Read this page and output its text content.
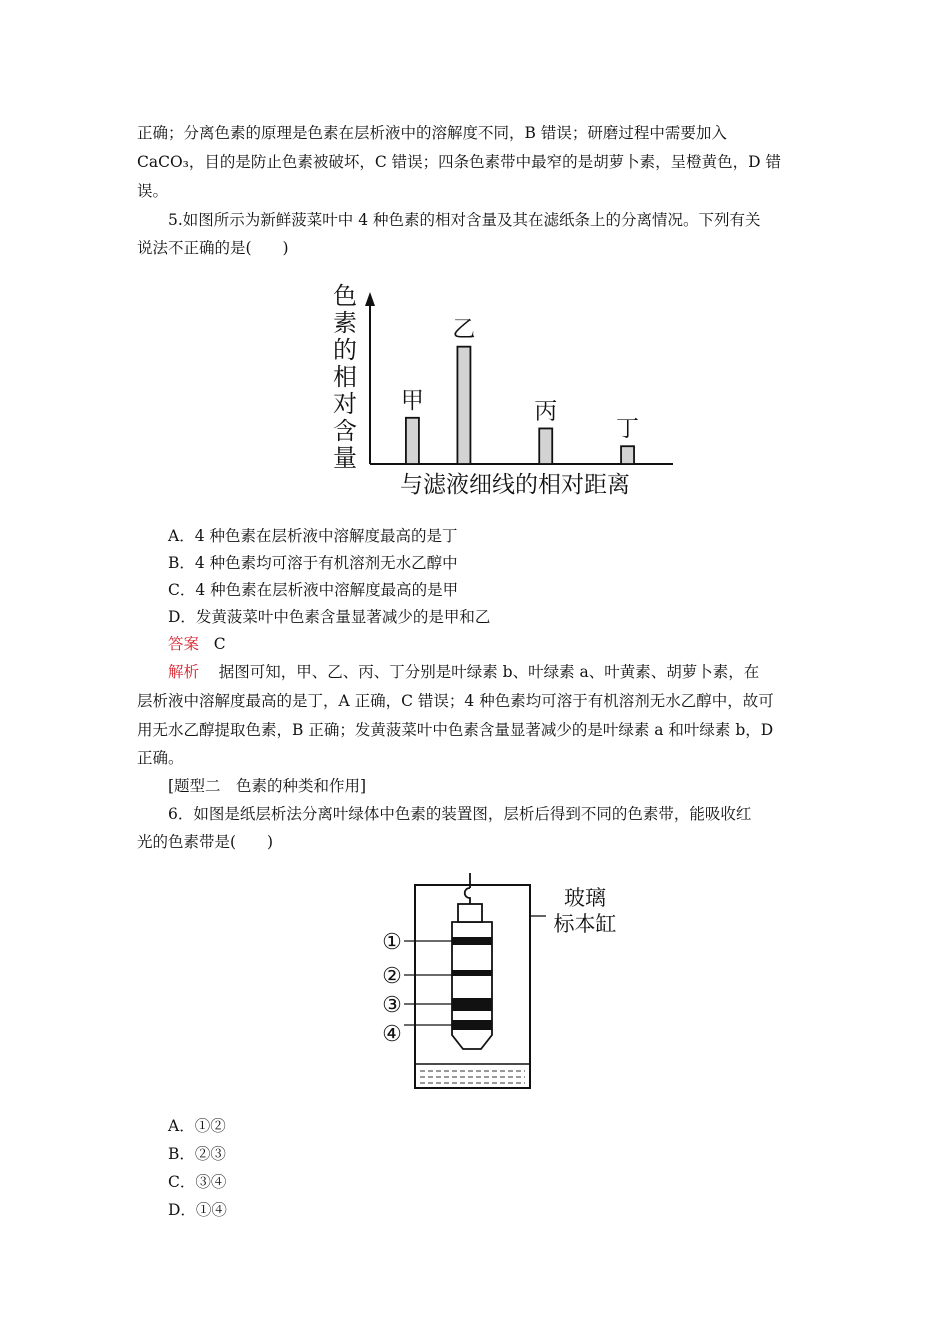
正确；分离色素的原理是色素在层析液中的溶解度不同，B 错误；研磨过程中需要加入
CaCO₃，目的是防止色素被破坏，C 错误；四条色素带中最窄的是胡萝卜素，呈橙黄色，D 错
误。
5.如图所示为新鲜菠菜叶中 4 种色素的相对含量及其在滤纸条上的分离情况。下列有关
说法不正确的是(　　)
色
素
的
相
对
含
量
甲
乙
丙
丁
与滤液细线的相对距离
A．4 种色素在层析液中溶解度最高的是丁
B．4 种色素均可溶于有机溶剂无水乙醇中
C．4 种色素在层析液中溶解度最高的是甲
D．发黄菠菜叶中色素含量显著减少的是甲和乙
答案 C
解析 据图可知，甲、乙、丙、丁分别是叶绿素 b、叶绿素 a、叶黄素、胡萝卜素，在
层析液中溶解度最高的是丁，A 正确，C 错误；4 种色素均可溶于有机溶剂无水乙醇中，故可
用无水乙醇提取色素，B 正确；发黄菠菜叶中色素含量显著减少的是叶绿素 a 和叶绿素 b，D
正确。
[题型二　色素的种类和作用]
6．如图是纸层析法分离叶绿体中色素的装置图，层析后得到不同的色素带，能吸收红
光的色素带是(　　)
①
②
③
④
玻璃
标本缸
A．①②
B．②③
C．③④
D．①④
